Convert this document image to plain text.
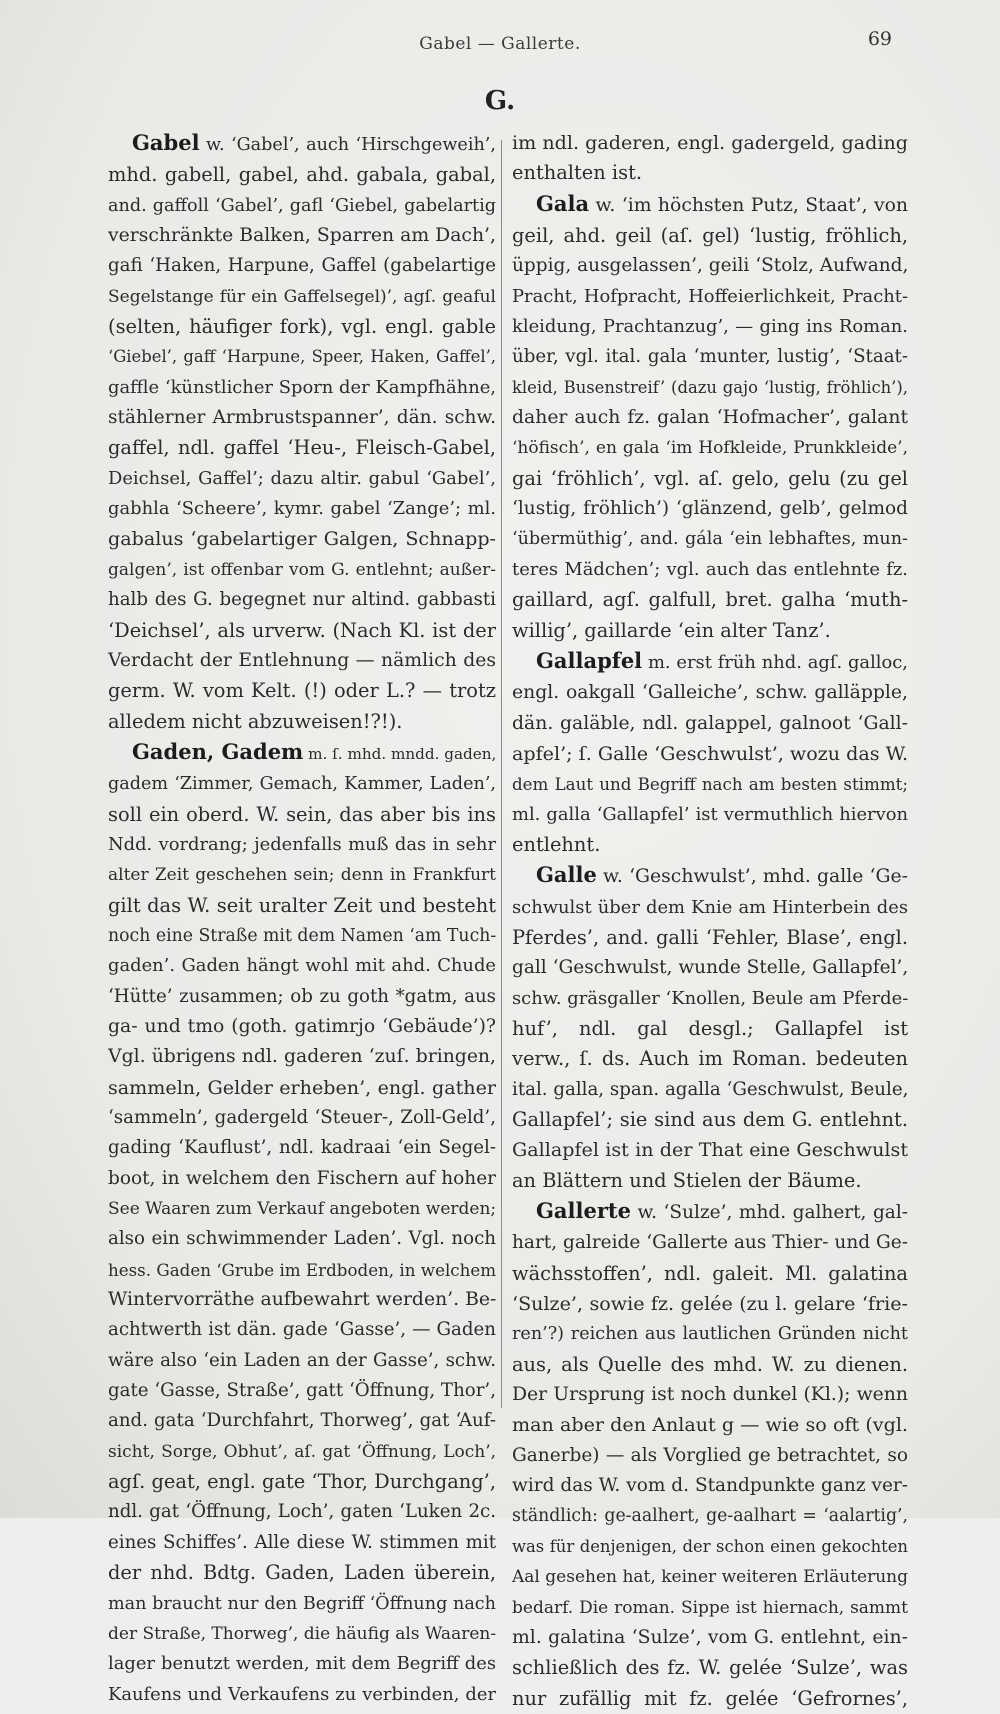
Gabel — Gallerte.	69
G.
Gabel w. ‘Gabel’, auch ‘Hirschgeweih’,
mhd. gabell, gabel, ahd. gabala, gabal,
and. gaffoll ‘Gabel’, gafl ‘Giebel, gabelartig
verschränkte Balken, Sparren am Dach’,
gafi ‘Haken, Harpune, Gaffel (gabelartige
Segelstange für ein Gaffelsegel)’, agſ. geaful
(selten, häufiger fork), vgl. engl. gable
‘Giebel’, gaff ‘Harpune, Speer, Haken, Gaffel’,
gaffle ‘künstlicher Sporn der Kampfhähne,
stählerner Armbrustspanner’, dän. schw.
gaffel, ndl. gaffel ‘Heu-, Fleisch-Gabel,
Deichsel, Gaffel’; dazu altir. gabul ‘Gabel’,
gabhla ‘Scheere’, kymr. gabel ‘Zange’; ml.
gabalus ‘gabelartiger Galgen, Schnapp-
galgen’, ist offenbar vom G. entlehnt; außer-
halb des G. begegnet nur altind. gabbasti
‘Deichsel’, als urverw. (Nach Kl. ist der
Verdacht der Entlehnung — nämlich des
germ. W. vom Kelt. (!) oder L.? — trotz
alledem nicht abzuweisen!?!).
Gaden, Gadem m. ſ. mhd. mndd. gaden,
gadem ‘Zimmer, Gemach, Kammer, Laden’,
soll ein oberd. W. sein, das aber bis ins
Ndd. vordrang; jedenfalls muß das in sehr
alter Zeit geschehen sein; denn in Frankfurt
gilt das W. seit uralter Zeit und besteht
noch eine Straße mit dem Namen ‘am Tuch-
gaden’. Gaden hängt wohl mit ahd. Chude
‘Hütte’ zusammen; ob zu goth *gatm, aus
ga- und tmo (goth. gatimrjo ‘Gebäude’)?
Vgl. übrigens ndl. gaderen ‘zuſ. bringen,
sammeln, Gelder erheben’, engl. gather
‘sammeln’, gadergeld ‘Steuer-, Zoll-Geld’,
gading ‘Kauflust’, ndl. kadraai ‘ein Segel-
boot, in welchem den Fischern auf hoher
See Waaren zum Verkauf angeboten werden;
also ein schwimmender Laden’. Vgl. noch
hess. Gaden ‘Grube im Erdboden, in welchem
Wintervorräthe aufbewahrt werden’. Be-
achtwerth ist dän. gade ‘Gasse’, — Gaden
wäre also ‘ein Laden an der Gasse’, schw.
gate ‘Gasse, Straße’, gatt ‘Öffnung, Thor’,
and. gata ‘Durchfahrt, Thorweg’, gat ‘Auf-
sicht, Sorge, Obhut’, aſ. gat ‘Öffnung, Loch’,
agſ. geat, engl. gate ‘Thor, Durchgang’,
ndl. gat ‘Öffnung, Loch’, gaten ‘Luken 2c.
eines Schiffes’. Alle diese W. stimmen mit
der nhd. Bdtg. Gaden, Laden überein,
man braucht nur den Begriff ‘Öffnung nach
der Straße, Thorweg’, die häufig als Waaren-
lager benutzt werden, mit dem Begriff des
Kaufens und Verkaufens zu verbinden, der
im ndl. gaderen, engl. gadergeld, gading
enthalten ist.
Gala w. ‘im höchsten Putz, Staat’, von
geil, ahd. geil (aſ. gel) ‘lustig, fröhlich,
üppig, ausgelassen’, geili ‘Stolz, Aufwand,
Pracht, Hofpracht, Hoffeierlichkeit, Pracht-
kleidung, Prachtanzug’, — ging ins Roman.
über, vgl. ital. gala ‘munter, lustig’, ‘Staat-
kleid, Busenstreif’ (dazu gajo ‘lustig, fröhlich’),
daher auch fz. galan ‘Hofmacher’, galant
‘höfisch’, en gala ‘im Hofkleide, Prunkkleide’,
gai ‘fröhlich’, vgl. aſ. gelo, gelu (zu gel
‘lustig, fröhlich’) ‘glänzend, gelb’, gelmod
‘übermüthig’, and. gála ‘ein lebhaftes, mun-
teres Mädchen’; vgl. auch das entlehnte fz.
gaillard, agſ. galfull, bret. galha ‘muth-
willig’, gaillarde ‘ein alter Tanz’.
Gallapfel m. erst früh nhd. agſ. galloc,
engl. oakgall ‘Galleiche’, schw. galläpple,
dän. galäble, ndl. galappel, galnoot ‘Gall-
apfel’; ſ. Galle ‘Geschwulst’, wozu das W.
dem Laut und Begriff nach am besten stimmt;
ml. galla ‘Gallapfel’ ist vermuthlich hiervon
entlehnt.
Galle w. ‘Geschwulst’, mhd. galle ‘Ge-
schwulst über dem Knie am Hinterbein des
Pferdes’, and. galli ‘Fehler, Blase’, engl.
gall ‘Geschwulst, wunde Stelle, Gallapfel’,
schw. gräsgaller ‘Knollen, Beule am Pferde-
huf’, ndl. gal desgl.; Gallapfel ist
verw., ſ. ds. Auch im Roman. bedeuten
ital. galla, span. agalla ‘Geschwulst, Beule,
Gallapfel’; sie sind aus dem G. entlehnt.
Gallapfel ist in der That eine Geschwulst
an Blättern und Stielen der Bäume.
Gallerte w. ‘Sulze’, mhd. galhert, gal-
hart, galreide ‘Gallerte aus Thier- und Ge-
wächsstoffen’, ndl. galeit. Ml. galatina
‘Sulze’, sowie fz. gelée (zu l. gelare ‘frie-
ren’?) reichen aus lautlichen Gründen nicht
aus, als Quelle des mhd. W. zu dienen.
Der Ursprung ist noch dunkel (Kl.); wenn
man aber den Anlaut g — wie so oft (vgl.
Ganerbe) — als Vorglied ge betrachtet, so
wird das W. vom d. Standpunkte ganz ver-
ständlich: ge-aalhert, ge-aalhart = ‘aalartig’,
was für denjenigen, der schon einen gekochten
Aal gesehen hat, keiner weiteren Erläuterung
bedarf. Die roman. Sippe ist hiernach, sammt
ml. galatina ‘Sulze’, vom G. entlehnt, ein-
schließlich des fz. W. gelée ‘Sulze’, was
nur zufällig mit fz. gelée ‘Gefrornes’,
